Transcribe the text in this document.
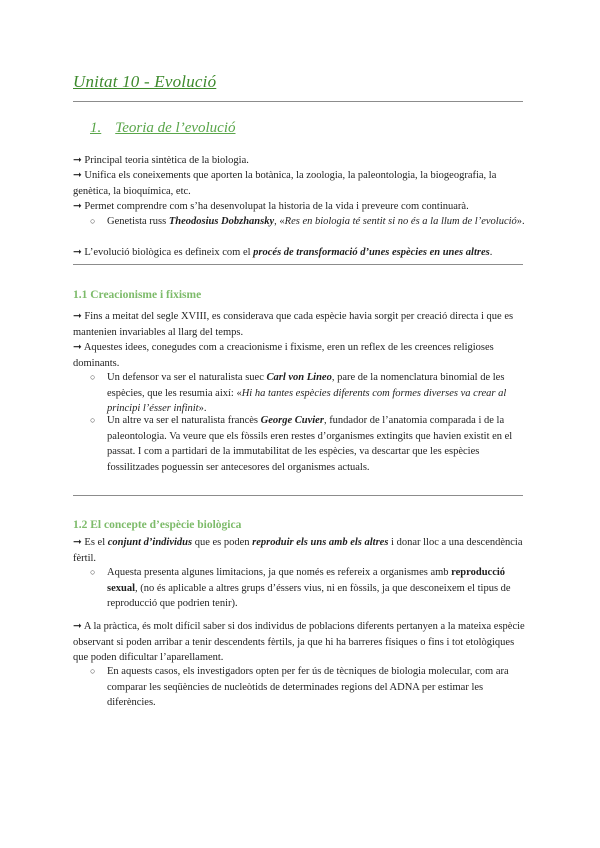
Unitat 10 - Evolució
1. Teoria de l’evolució
➞ Principal teoria sintètica de la biologia.
➞ Unifica els coneixements que aporten la botànica, la zoologia, la paleontologia, la biogeografia, la genètica, la bioquímica, etc.
➞ Permet comprendre com s’ha desenvolupat la historia de la vida i preveure com continuarà.
○ Genetista russ Theodosius Dobzhansky, «Res en biologia té sentit si no és a la llum de l’evolució».
➞ L’evolució biològica es defineix com el procés de transformació d’unes espècies en unes altres.
1.1 Creacionisme i fixisme
➞ Fins a meitat del segle XVIII, es considerava que cada espècie havia sorgit per creació directa i que es mantenien invariables al llarg del temps.
➞ Aquestes idees, conegudes com a creacionisme i fixisme, eren un reflex de les creences religioses dominants.
○ Un defensor va ser el naturalista suec Carl von Lineo, pare de la nomenclatura binomial de les espècies, que les resumia així: «Hi ha tantes espècies diferents com formes diverses va crear al principi l’ésser infinit».
○ Un altre va ser el naturalista francès George Cuvier, fundador de l’anatomia comparada i de la paleontologia. Va veure que els fòssils eren restes d’organismes extingits que havien existit en el passat. I com a partidari de la immutabilitat de les espècies, va descartar que les espècies fossilitzades poguessin ser antecesores del organismes actuals.
1.2 El concepte d’espècie biològica
➞ Es el conjunt d’individus que es poden reproduir els uns amb els altres i donar lloc a una descendència fèrtil.
○ Aquesta presenta algunes limitacions, ja que només es refereix a organismes amb reproducció sexual, (no és aplicable a altres grups d’éssers vius, ni en fòssils, ja que desconeixem el tipus de reproducció que podrien tenir).
➞ A la pràctica, és molt difícil saber si dos individus de poblacions diferents pertanyen a la mateixa espècie observant si poden arribar a tenir descendents fèrtils, ja que hi ha barreres físiques o fins i tot etològiques que poden dificultar l’aparellament.
○ En aquests casos, els investigadors opten per fer ús de tècniques de biologia molecular, com ara comparar les seqüències de nucleòtids de determinades regions del ADNA per estimar les diferències.
